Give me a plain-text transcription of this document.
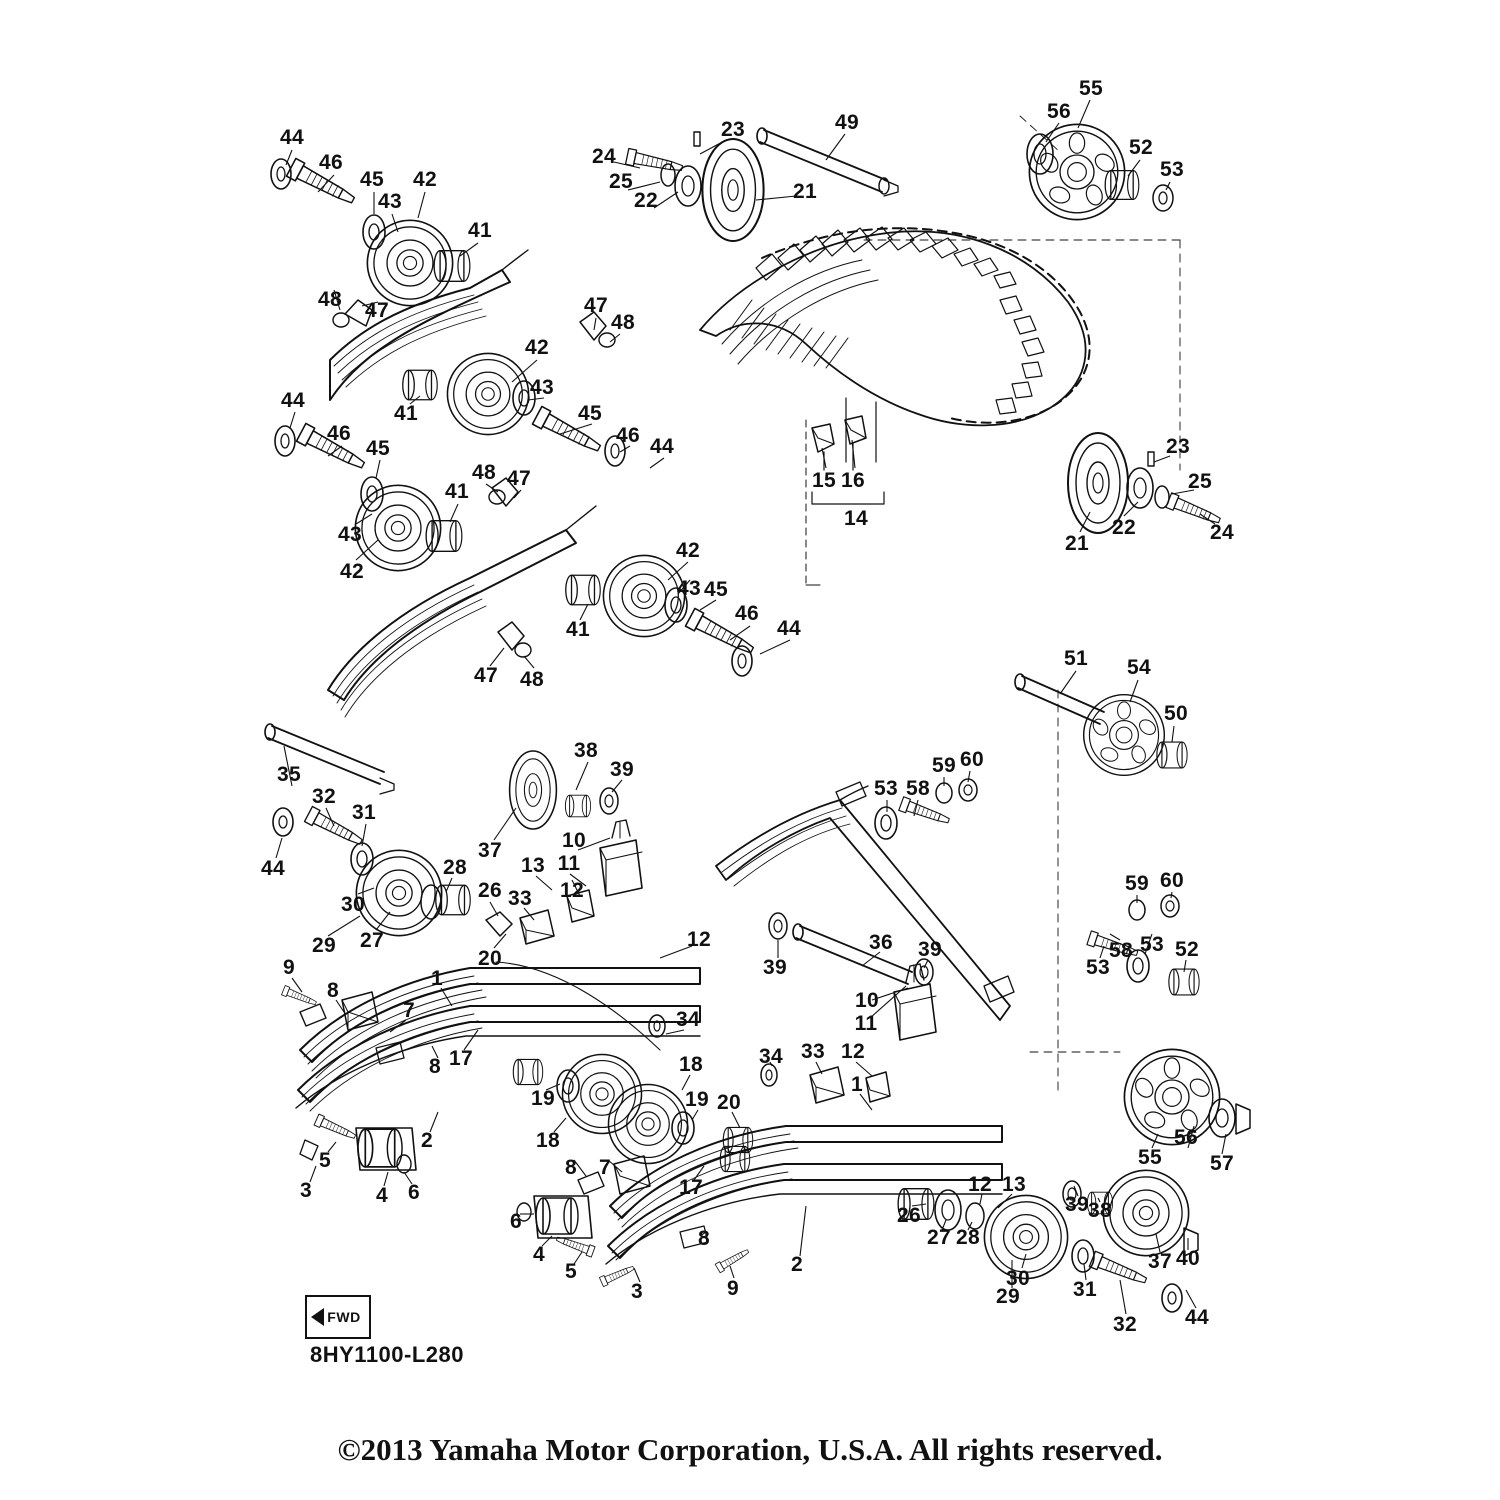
44
46
45 42
43
41
48 47	47
48
42
43
41
44
46
45
45
46 44
48 47
41
43
42
42
43 45
46
44
41
47 48
23
24
25
22	21
49
55
56
52
53
23
25
24
22
21
15 16
14
51 54
50
53 58
59 60
59 60
58 53 52
53
35
32
31
44
30
29 27
28
26 33
13 11
10
12
12
20
38
39
37
1
9
8
7
8 17
34
19
18
18
19 20
2
5
3	4 6
36
39
39
10
11
34 33 12
1
8 7
17
6
8
4
5
3	9
2
26
27 28
12 13
39 38
30
29	31
32
37 40
44
55
56
57
FWD
8HY1100-L280
©2013 Yamaha Motor Corporation, U.S.A. All rights reserved.
